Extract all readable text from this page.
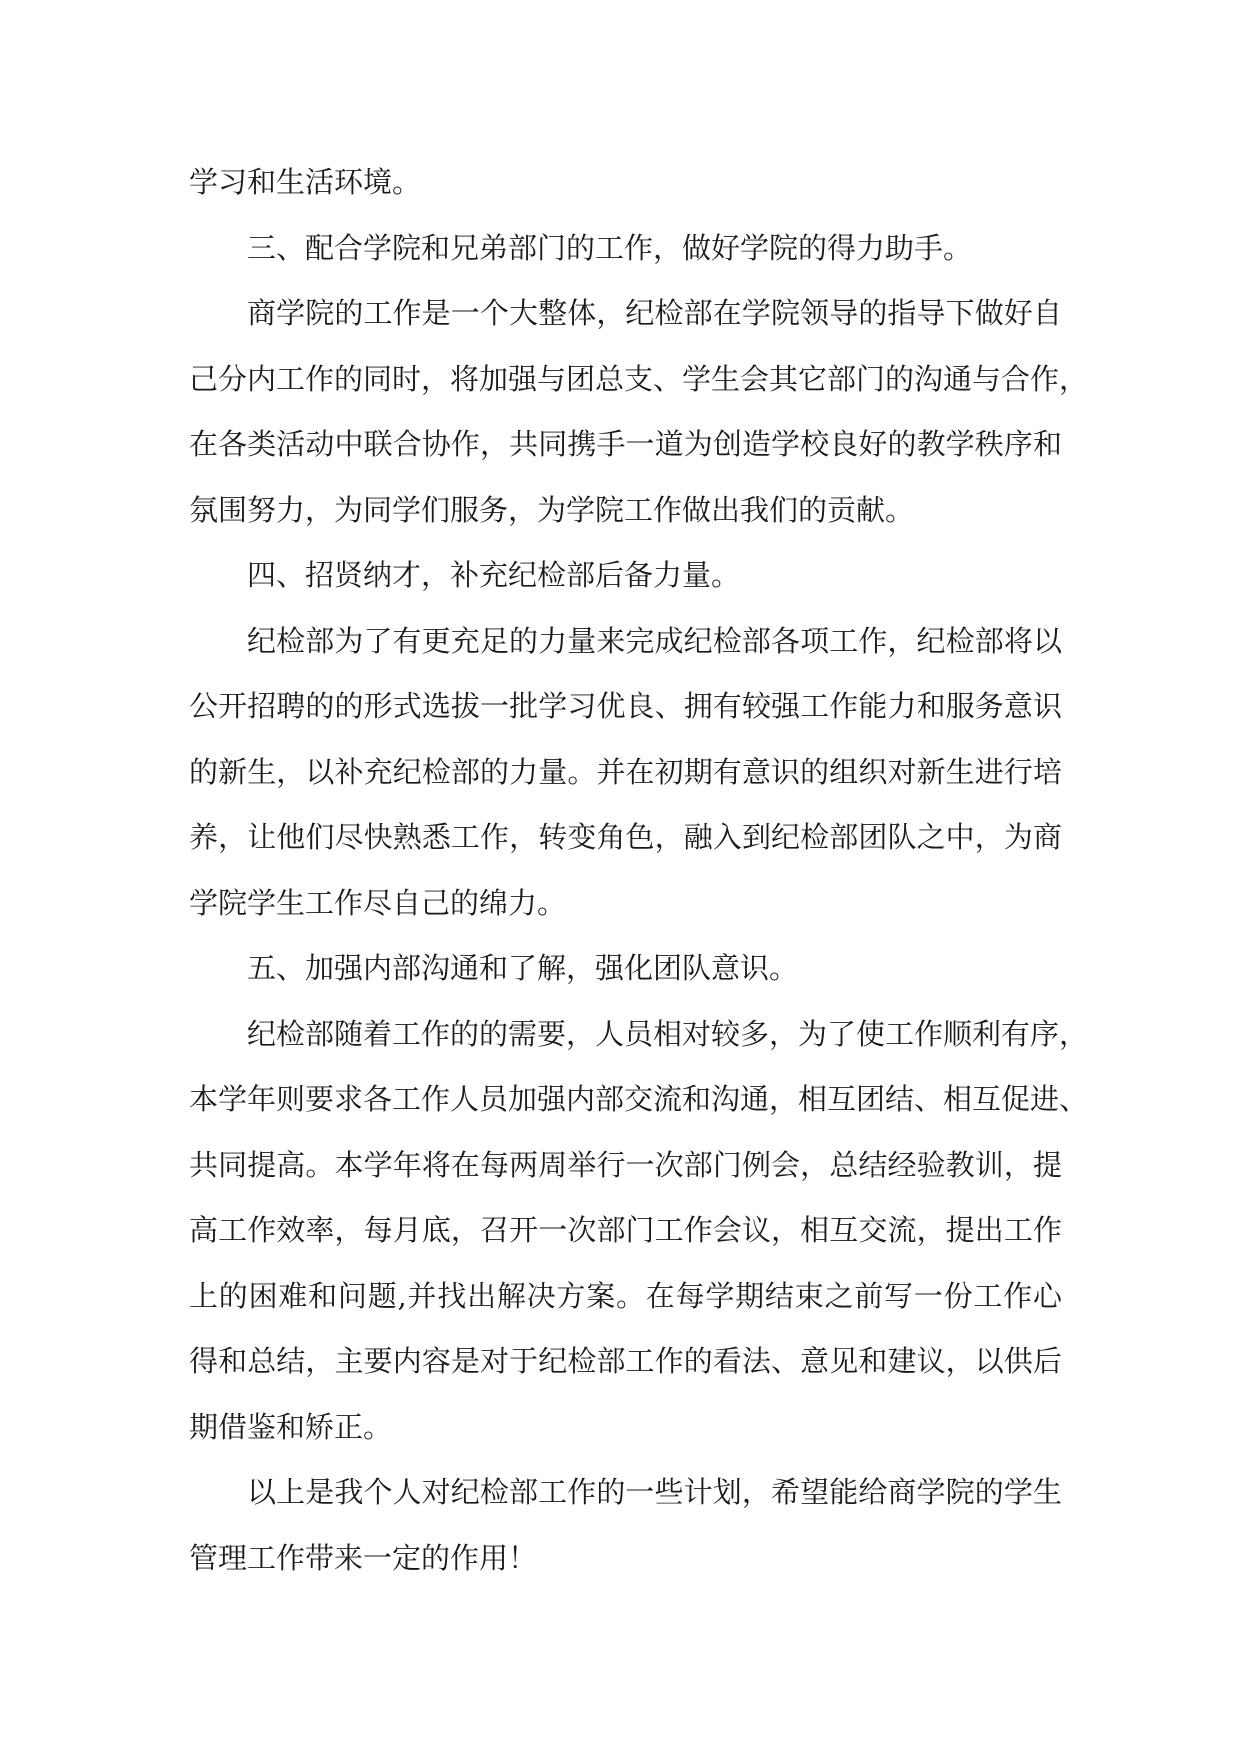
学习和生活环境。

三、配合学院和兄弟部门的工作，做好学院的得力助手。

商学院的工作是一个大整体，纪检部在学院领导的指导下做好自
己分内工作的同时，将加强与团总支、学生会其它部门的沟通与合作，
在各类活动中联合协作，共同携手一道为创造学校良好的教学秩序和
氛围努力，为同学们服务，为学院工作做出我们的贡献。

四、招贤纳才，补充纪检部后备力量。

纪检部为了有更充足的力量来完成纪检部各项工作，纪检部将以
公开招聘的的形式选拔一批学习优良、拥有较强工作能力和服务意识
的新生，以补充纪检部的力量。并在初期有意识的组织对新生进行培
养，让他们尽快熟悉工作，转变角色，融入到纪检部团队之中，为商
学院学生工作尽自己的绵力。

五、加强内部沟通和了解，强化团队意识。

纪检部随着工作的的需要，人员相对较多，为了使工作顺利有序，
本学年则要求各工作人员加强内部交流和沟通，相互团结、相互促进、
共同提高。本学年将在每两周举行一次部门例会，总结经验教训，提
高工作效率，每月底，召开一次部门工作会议，相互交流，提出工作
上的困难和问题,并找出解决方案。在每学期结束之前写一份工作心
得和总结，主要内容是对于纪检部工作的看法、意见和建议，以供后
期借鉴和矫正。

以上是我个人对纪检部工作的一些计划，希望能给商学院的学生
管理工作带来一定的作用！
